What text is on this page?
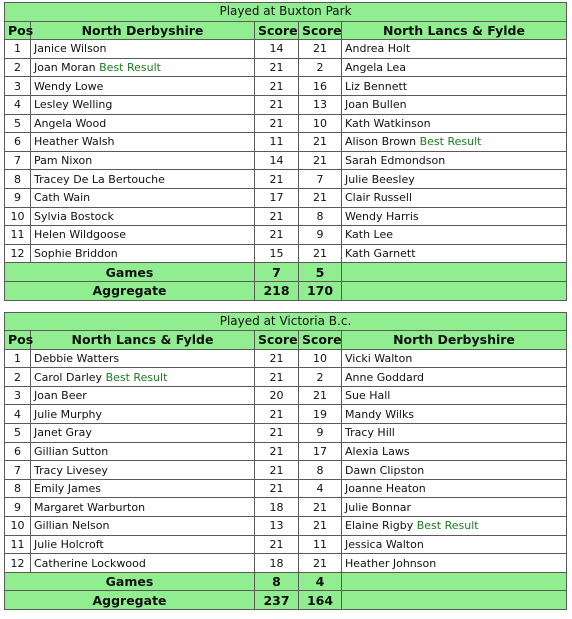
Played at Buxton Park				
Pos	North Derbyshire	Score	Score	North Lancs & Fylde
1	Janice Wilson	14	21	Andrea Holt
2	Joan Moran Best Result	21	2	Angela Lea
3	Wendy Lowe	21	16	Liz Bennett
4	Lesley Welling	21	13	Joan Bullen
5	Angela Wood	21	10	Kath Watkinson
6	Heather Walsh	11	21	Alison Brown Best Result
7	Pam Nixon	14	21	Sarah Edmondson
8	Tracey De La Bertouche	21	7	Julie Beesley
9	Cath Wain	17	21	Clair Russell
10	Sylvia Bostock	21	8	Wendy Harris
11	Helen Wildgoose	21	9	Kath Lee
12	Sophie Briddon	15	21	Kath Garnett
Games		7	5	
Aggregate		218	170	
Played at Victoria B.c.				
Pos	North Lancs & Fylde	Score	Score	North Derbyshire
1	Debbie Watters	21	10	Vicki Walton
2	Carol Darley Best Result	21	2	Anne Goddard
3	Joan Beer	20	21	Sue Hall
4	Julie Murphy	21	19	Mandy Wilks
5	Janet Gray	21	9	Tracy Hill
6	Gillian Sutton	21	17	Alexia Laws
7	Tracy Livesey	21	8	Dawn Clipston
8	Emily James	21	4	Joanne Heaton
9	Margaret Warburton	18	21	Julie Bonnar
10	Gillian Nelson	13	21	Elaine Rigby Best Result
11	Julie Holcroft	21	11	Jessica Walton
12	Catherine Lockwood	18	21	Heather Johnson
Games		8	4	
Aggregate		237	164	
